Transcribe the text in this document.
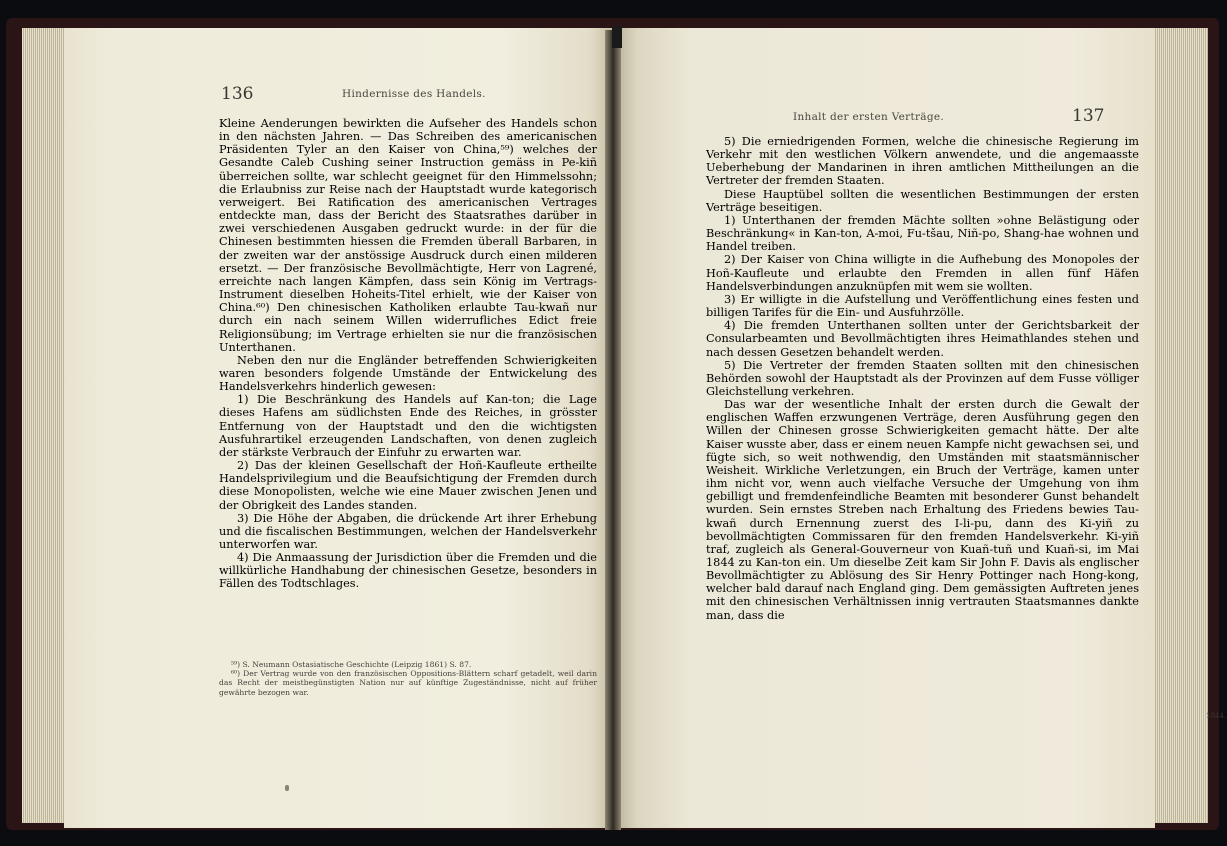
136	Hindernisse des Handels.

Kleine Aenderungen bewirkten die Aufseher des Handels schon in den nächsten Jahren. — Das Schreiben des americanischen Präsidenten Tyler an den Kaiser von China,⁵⁹) welches der Gesandte Caleb Cushing seiner Instruction gemäss in Pe-kiñ überreichen sollte, war schlecht geeignet für den Himmelssohn; die Erlaubniss zur Reise nach der Hauptstadt wurde kategorisch verweigert. Bei Ratification des americanischen Vertrages entdeckte man, dass der Bericht des Staatsrathes darüber in zwei verschiedenen Ausgaben gedruckt wurde: in der für die Chinesen bestimmten hiessen die Fremden überall Barbaren, in der zweiten war der anstössige Ausdruck durch einen milderen ersetzt. — Der französische Bevollmächtigte, Herr von Lagrené, erreichte nach langen Kämpfen, dass sein König im Vertrags-Instrument dieselben Hoheits-Titel erhielt, wie der Kaiser von China.⁶⁰) Den chinesischen Katholiken erlaubte Tau-kwañ nur durch ein nach seinem Willen widerrufliches Edict freie Religionsübung; im Vertrage erhielten sie nur die französischen Unterthanen.

Neben den nur die Engländer betreffenden Schwierigkeiten waren besonders folgende Umstände der Entwickelung des Handelsverkehrs hinderlich gewesen:

1) Die Beschränkung des Handels auf Kan-ton; die Lage dieses Hafens am südlichsten Ende des Reiches, in grösster Entfernung von der Hauptstadt und den die wichtigsten Ausfuhrartikel erzeugenden Landschaften, von denen zugleich der stärkste Verbrauch der Einfuhr zu erwarten war.

2) Das der kleinen Gesellschaft der Hoñ-Kaufleute ertheilte Handelsprivilegium und die Beaufsichtigung der Fremden durch diese Monopolisten, welche wie eine Mauer zwischen Jenen und der Obrigkeit des Landes standen.

3) Die Höhe der Abgaben, die drückende Art ihrer Erhebung und die fiscalischen Bestimmungen, welchen der Handelsverkehr unterworfen war.

4) Die Anmaassung der Jurisdiction über die Fremden und die willkürliche Handhabung der chinesischen Gesetze, besonders in Fällen des Todtschlages.

⁵⁹) S. Neumann Ostasiatische Geschichte (Leipzig 1861) S. 87.

⁶⁰) Der Vertrag wurde von den französischen Oppositions-Blättern scharf getadelt, weil darin das Recht der meistbegünstigten Nation nur auf künftige Zugeständnisse, nicht auf früher gewährte bezogen war.

Inhalt der ersten Verträge.	137

5) Die erniedrigenden Formen, welche die chinesische Regierung im Verkehr mit den westlichen Völkern anwendete, und die angemaasste Ueberhebung der Mandarinen in ihren amtlichen Mittheilungen an die Vertreter der fremden Staaten.

Diese Hauptübel sollten die wesentlichen Bestimmungen der ersten Verträge beseitigen.

1) Unterthanen der fremden Mächte sollten »ohne Belästigung oder Beschränkung« in Kan-ton, A-moi, Fu-tšau, Niñ-po, Shang-hae wohnen und Handel treiben.

2) Der Kaiser von China willigte in die Aufhebung des Monopoles der Hoñ-Kaufleute und erlaubte den Fremden in allen fünf Häfen Handelsverbindungen anzuknüpfen mit wem sie wollten.

3) Er willigte in die Aufstellung und Veröffentlichung eines festen und billigen Tarifes für die Ein- und Ausfuhrzölle.

4) Die fremden Unterthanen sollten unter der Gerichtsbarkeit der Consularbeamten und Bevollmächtigten ihres Heimathlandes stehen und nach dessen Gesetzen behandelt werden.

5) Die Vertreter der fremden Staaten sollten mit den chinesischen Behörden sowohl der Hauptstadt als der Provinzen auf dem Fusse völliger Gleichstellung verkehren.

Das war der wesentliche Inhalt der ersten durch die Gewalt der englischen Waffen erzwungenen Verträge, deren Ausführung gegen den Willen der Chinesen grosse Schwierigkeiten gemacht hätte. Der alte Kaiser wusste aber, dass er einem neuen Kampfe nicht gewachsen sei, und fügte sich, so weit nothwendig, den Umständen mit staatsmännischer Weisheit. Wirkliche Verletzungen, ein Bruch der Verträge, kamen unter ihm nicht vor, wenn auch vielfache Versuche der Umgehung von ihm gebilligt und fremdenfeindliche Beamten mit besonderer Gunst behandelt wurden. Sein ernstes Streben nach Erhaltung des Friedens bewies Tau-kwañ durch Ernennung zuerst des I-li-pu, dann des Ki-yiñ zu bevollmächtigten Commissaren für den fremden Handelsverkehr. Ki-yiñ traf, zugleich als General-Gouverneur von Kuañ-tuñ und Kuañ-si, im Mai 1844 zu Kan-ton ein. Um dieselbe Zeit kam Sir John F. Davis als englischer Bevollmächtigter zu Ablösung des Sir Henry Pottinger nach Hong-kong, welcher bald darauf nach England ging. Dem gemässigten Auftreten jenes mit den chinesischen Verhältnissen innig vertrauten Staatsmannes dankte man, dass die

1844.
